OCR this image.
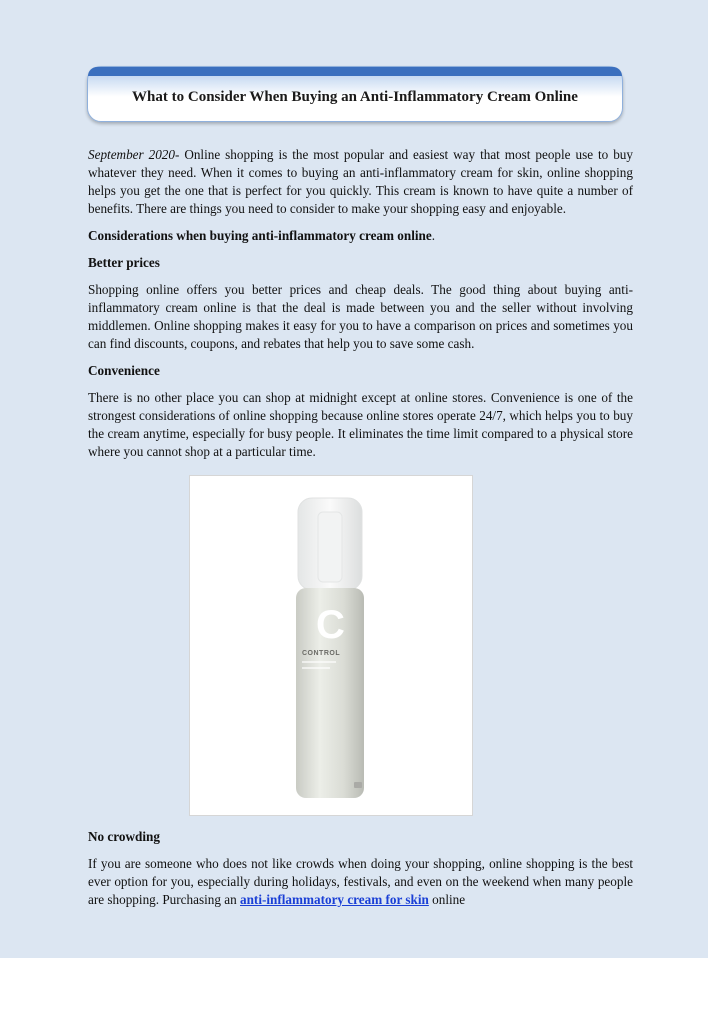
What to Consider When Buying an Anti-Inflammatory Cream Online

September 2020- Online shopping is the most popular and easiest way that most people use to buy whatever they need. When it comes to buying an anti-inflammatory cream for skin, online shopping helps you get the one that is perfect for you quickly. This cream is known to have quite a number of benefits. There are things you need to consider to make your shopping easy and enjoyable.

Considerations when buying anti-inflammatory cream online.
Better prices

Shopping online offers you better prices and cheap deals. The good thing about buying anti-inflammatory cream online is that the deal is made between you and the seller without involving middlemen. Online shopping makes it easy for you to have a comparison on prices and sometimes you can find discounts, coupons, and rebates that help you to save some cash.

Convenience

There is no other place you can shop at midnight except at online stores. Convenience is one of the strongest considerations of online shopping because online stores operate 24/7, which helps you to buy the cream anytime, especially for busy people. It eliminates the time limit compared to a physical store where you cannot shop at a particular time.

C
CONTROL
No crowding

If you are someone who does not like crowds when doing your shopping, online shopping is the best ever option for you, especially during holidays, festivals, and even on the weekend when many people are shopping. Purchasing an anti-inflammatory cream for skin online
